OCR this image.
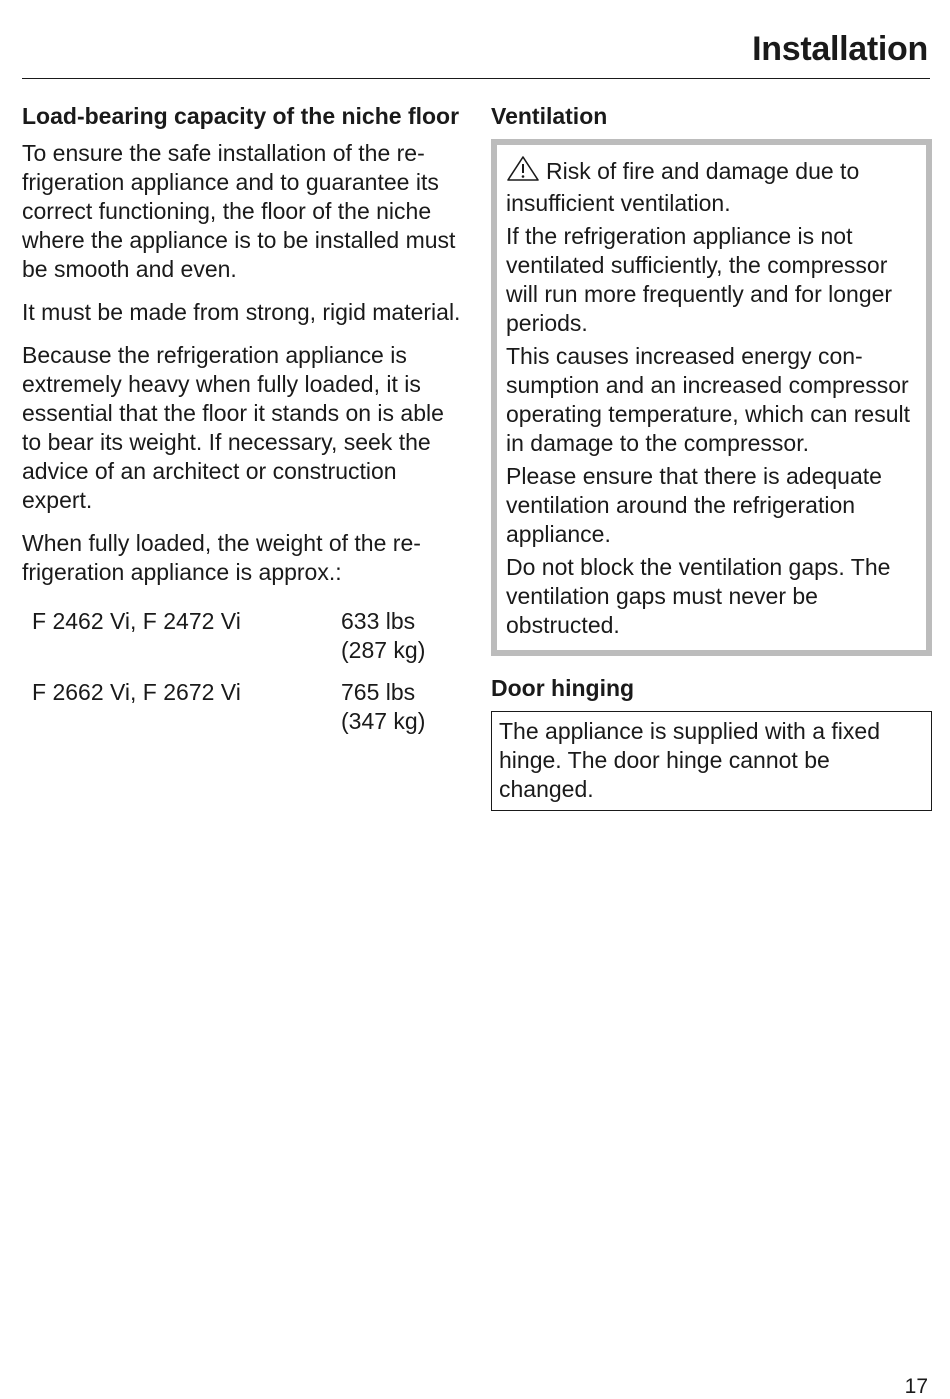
Installation
Load-bearing capacity of the niche floor

To ensure the safe installation of the refrigeration appliance and to guarantee its correct functioning, the floor of the niche where the appliance is to be installed must be smooth and even.

It must be made from strong, rigid material.

Because the refrigeration appliance is extremely heavy when fully loaded, it is essential that the floor it stands on is able to bear its weight. If necessary, seek the advice of an architect or construction expert.

When fully loaded, the weight of the refrigeration appliance is approx.:

F 2462 Vi, F 2472 Vi	633 lbs
(287 kg)

F 2662 Vi, F 2672 Vi	765 lbs
(347 kg)
Ventilation

Risk of fire and damage due to insufficient ventilation.

If the refrigeration appliance is not ventilated sufficiently, the compressor will run more frequently and for longer periods.

This causes increased energy consumption and an increased compressor operating temperature, which can result in damage to the compressor.

Please ensure that there is adequate ventilation around the refrigeration appliance.

Do not block the ventilation gaps. The ventilation gaps must never be obstructed.

Door hinging

The appliance is supplied with a fixed hinge. The door hinge cannot be changed.

17
